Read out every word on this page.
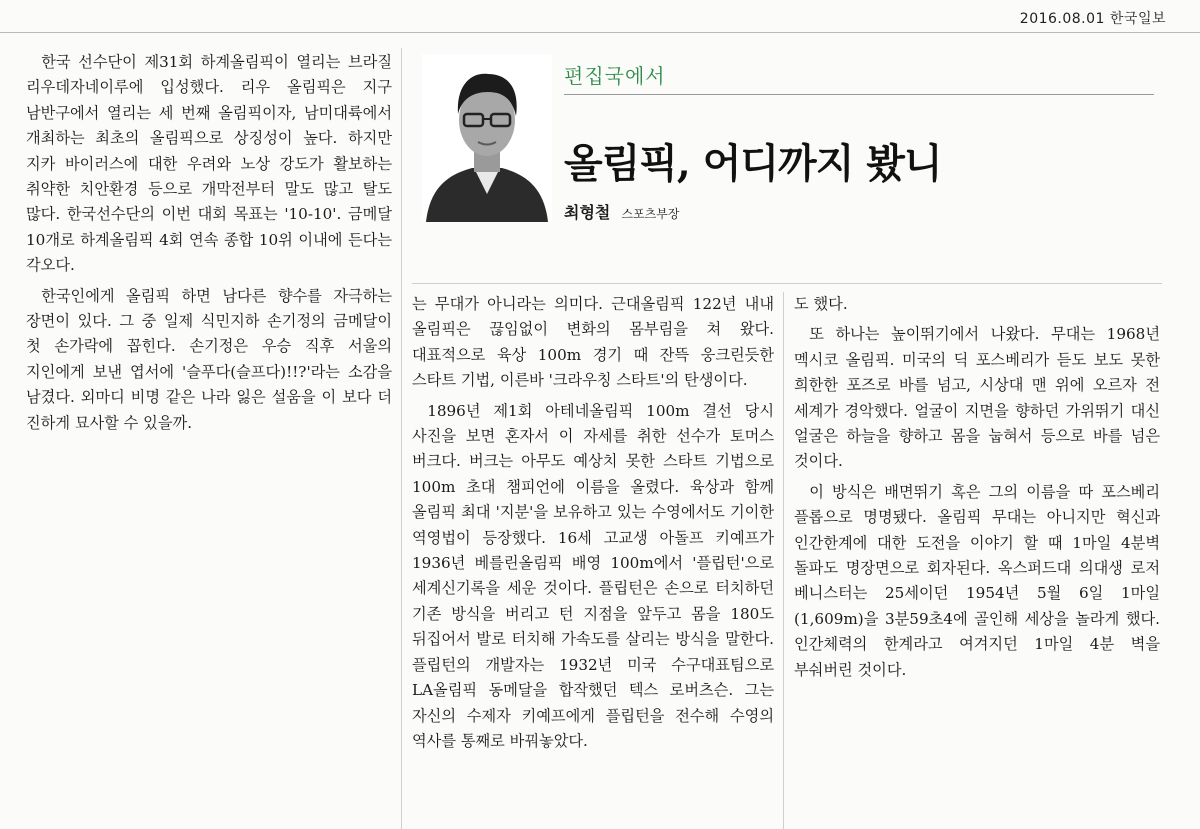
2016.08.01 한국일보
편집국에서
올림픽, 어디까지 봤니
최형철 스포츠부장

한국 선수단이 제31회 하계올림픽이 열리는 브라질 리우데자네이루에 입성했다. 리우 올림픽은 지구 남반구에서 열리는 세 번째 올림픽이자, 남미대륙에서 개최하는 최초의 올림픽으로 상징성이 높다. 하지만 지카 바이러스에 대한 우려와 노상 강도가 활보하는 취약한 치안환경 등으로 개막전부터 말도 많고 탈도 많다. 한국선수단의 이번 대회 목표는 '10-10'. 금메달 10개로 하계올림픽 4회 연속 종합 10위 이내에 든다는 각오다.

한국인에게 올림픽 하면 남다른 향수를 자극하는 장면이 있다. 그 중 일제 식민지하 손기정의 금메달이 첫 손가락에 꼽힌다. 손기정은 우승 직후 서울의 지인에게 보낸 엽서에 '슬푸다(슬프다)!!?'라는 소감을 남겼다. 외마디 비명 같은 나라 잃은 설움을 이 보다 더 진하게 묘사할 수 있을까.

는 무대가 아니라는 의미다. 근대올림픽 122년 내내 올림픽은 끊임없이 변화의 몸부림을 쳐 왔다. 대표적으로 육상 100m 경기 때 잔뜩 웅크린듯한 스타트 기법, 이른바 '크라우칭 스타트'의 탄생이다.

1896년 제1회 아테네올림픽 100m 결선 당시 사진을 보면 혼자서 이 자세를 취한 선수가 토머스 버크다. 버크는 아무도 예상치 못한 스타트 기법으로 100m 초대 챔피언에 이름을 올렸다. 육상과 함께 올림픽 최대 '지분'을 보유하고 있는 수영에서도 기이한 역영법이 등장했다. 16세 고교생 아돌프 키예프가 1936년 베를린올림픽 배영 100m에서 '플립턴'으로 세계신기록을 세운 것이다. 플립턴은 손으로 터치하던 기존 방식을 버리고 턴 지점을 앞두고 몸을 180도 뒤집어서 발로 터치해 가속도를 살리는 방식을 말한다. 플립턴의 개발자는 1932년 미국 수구대표팀으로 LA올림픽 동메달을 합작했던 텍스 로버츠슨. 그는 자신의 수제자 키예프에게 플립턴을 전수해 수영의 역사를 통째로 바꿔놓았다.

도 했다.

또 하나는 높이뛰기에서 나왔다. 무대는 1968년 멕시코 올림픽. 미국의 딕 포스베리가 듣도 보도 못한 희한한 포즈로 바를 넘고, 시상대 맨 위에 오르자 전 세계가 경악했다. 얼굴이 지면을 향하던 가위뛰기 대신 얼굴은 하늘을 향하고 몸을 눕혀서 등으로 바를 넘은 것이다.

이 방식은 배면뛰기 혹은 그의 이름을 따 포스베리 플롭으로 명명됐다. 올림픽 무대는 아니지만 혁신과 인간한계에 대한 도전을 이야기 할 때 1마일 4분벽 돌파도 명장면으로 회자된다. 옥스퍼드대 의대생 로저 베니스터는 25세이던 1954년 5월 6일 1마일(1,609m)을 3분59초4에 골인해 세상을 놀라게 했다. 인간체력의 한계라고 여겨지던 1마일 4분 벽을 부숴버린 것이다.
